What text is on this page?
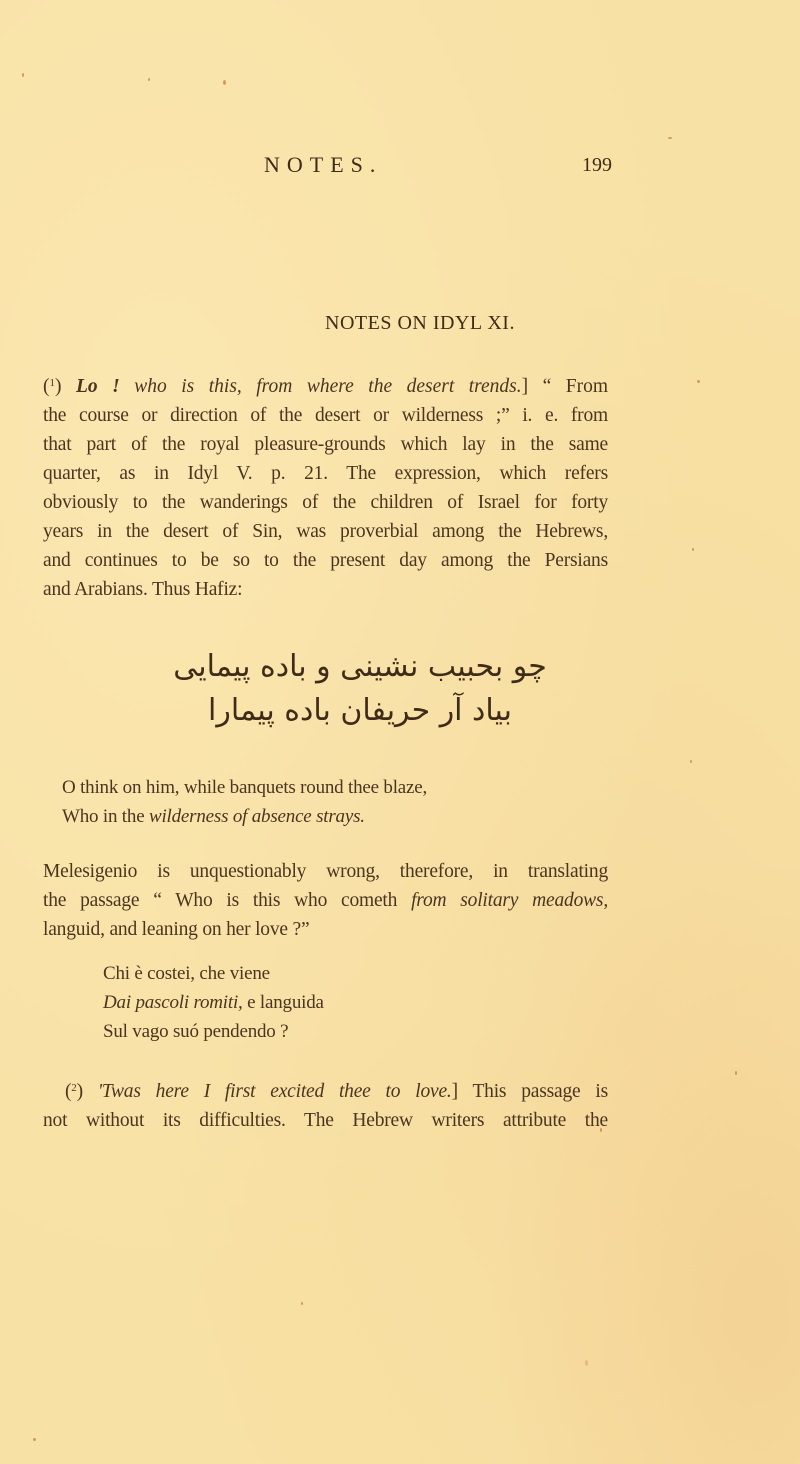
NOTES.	199
NOTES ON IDYL XI.
($^1$) Lo ! who is this, from where the desert trends.] “ From
the course or direction of the desert or wilderness ;” i. e. from
that part of the royal pleasure-grounds which lay in the same
quarter, as in Idyl V. p. 21. The expression, which refers
obviously to the wanderings of the children of Israel for forty
years in the desert of Sin, was proverbial among the Hebrews,
and continues to be so to the present day among the Persians
and Arabians. Thus Hafiz:
چو بحبیب نشینی و باده پیمایی
بیاد آر حریفان باده پیمارا
O think on him, while banquets round thee blaze,
Who in the wilderness of absence strays.
Melesigenio is unquestionably wrong, therefore, in translating
the passage “ Who is this who cometh from solitary meadows,
languid, and leaning on her love ?”
Chi è costei, che viene
Dai pascoli romiti, e languida
Sul vago suó pendendo ?
($^2$) 'Twas here I first excited thee to love.] This passage is
not without its difficulties. The Hebrew writers attribute the
